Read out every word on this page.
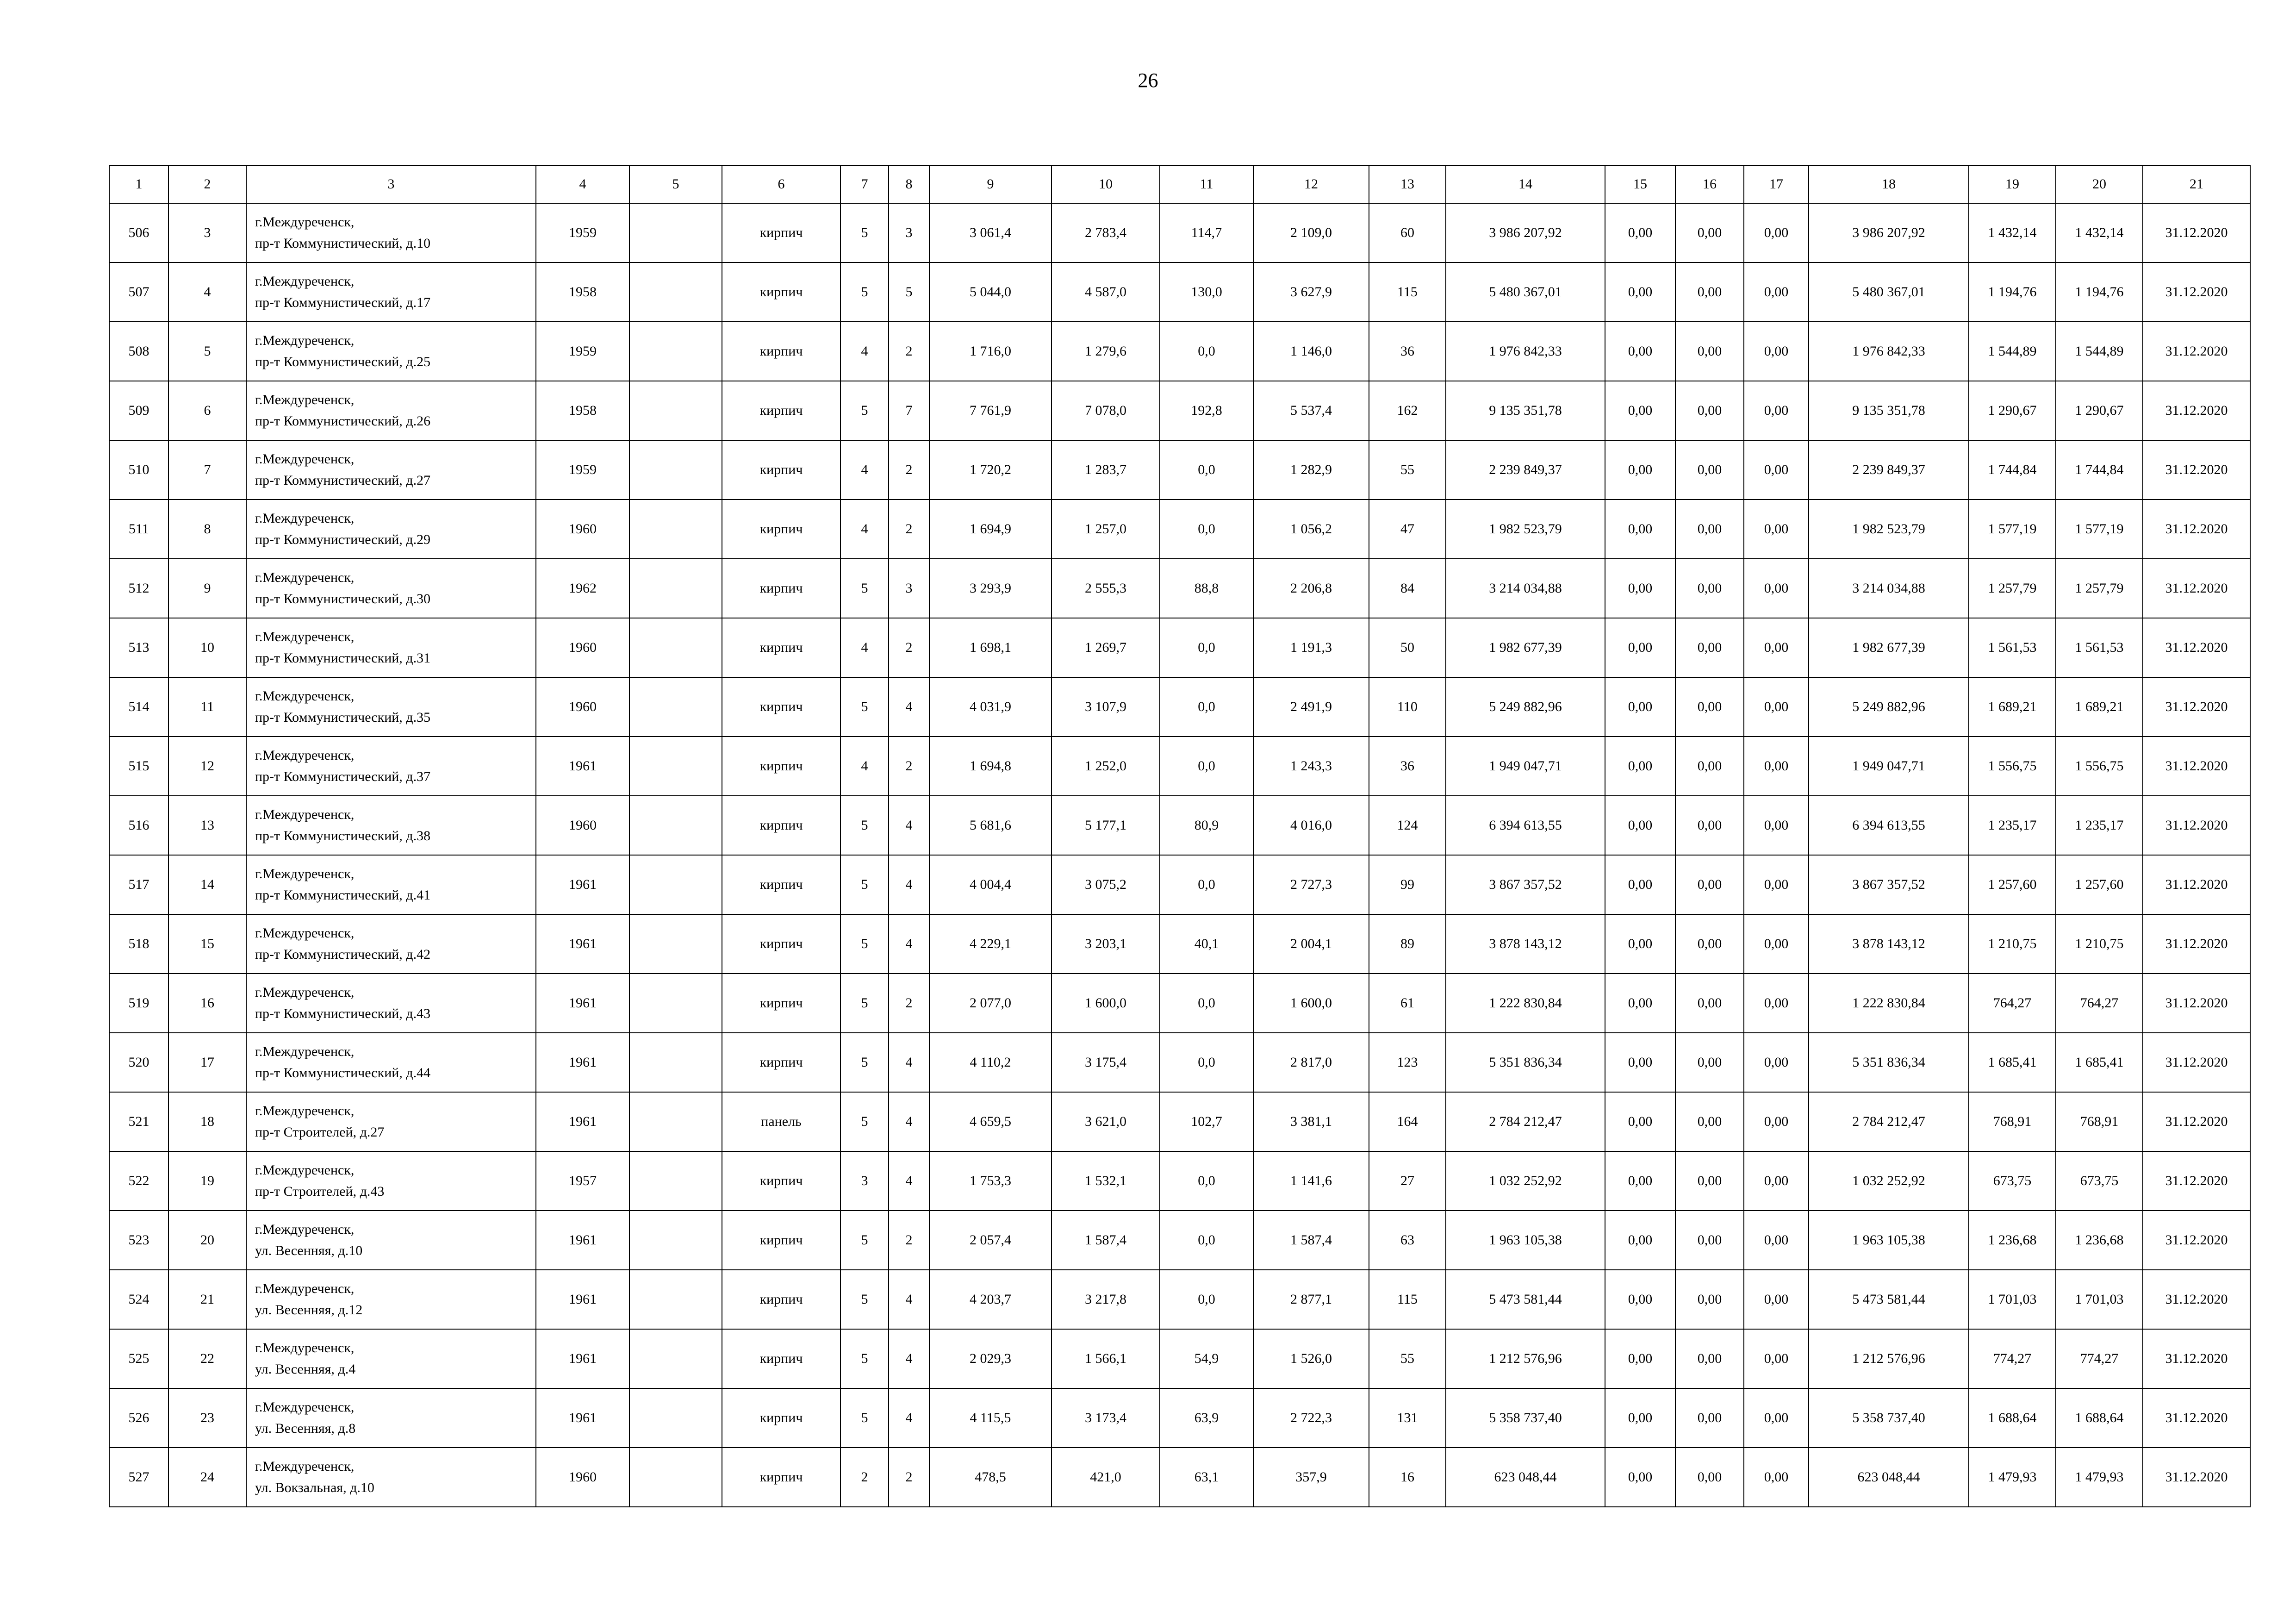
26
1	2	3	4	5	6	7	8	9	10	11	12	13	14	15	16	17	18	19	20	21
506	3	г.Междуреченск,
пр-т Коммунистический, д.10	1959		кирпич	5	3	3 061,4	2 783,4	114,7	2 109,0	60	3 986 207,92	0,00	0,00	0,00	3 986 207,92	1 432,14	1 432,14	31.12.2020
507	4	г.Междуреченск,
пр-т Коммунистический, д.17	1958		кирпич	5	5	5 044,0	4 587,0	130,0	3 627,9	115	5 480 367,01	0,00	0,00	0,00	5 480 367,01	1 194,76	1 194,76	31.12.2020
508	5	г.Междуреченск,
пр-т Коммунистический, д.25	1959		кирпич	4	2	1 716,0	1 279,6	0,0	1 146,0	36	1 976 842,33	0,00	0,00	0,00	1 976 842,33	1 544,89	1 544,89	31.12.2020
509	6	г.Междуреченск,
пр-т Коммунистический, д.26	1958		кирпич	5	7	7 761,9	7 078,0	192,8	5 537,4	162	9 135 351,78	0,00	0,00	0,00	9 135 351,78	1 290,67	1 290,67	31.12.2020
510	7	г.Междуреченск,
пр-т Коммунистический, д.27	1959		кирпич	4	2	1 720,2	1 283,7	0,0	1 282,9	55	2 239 849,37	0,00	0,00	0,00	2 239 849,37	1 744,84	1 744,84	31.12.2020
511	8	г.Междуреченск,
пр-т Коммунистический, д.29	1960		кирпич	4	2	1 694,9	1 257,0	0,0	1 056,2	47	1 982 523,79	0,00	0,00	0,00	1 982 523,79	1 577,19	1 577,19	31.12.2020
512	9	г.Междуреченск,
пр-т Коммунистический, д.30	1962		кирпич	5	3	3 293,9	2 555,3	88,8	2 206,8	84	3 214 034,88	0,00	0,00	0,00	3 214 034,88	1 257,79	1 257,79	31.12.2020
513	10	г.Междуреченск,
пр-т Коммунистический, д.31	1960		кирпич	4	2	1 698,1	1 269,7	0,0	1 191,3	50	1 982 677,39	0,00	0,00	0,00	1 982 677,39	1 561,53	1 561,53	31.12.2020
514	11	г.Междуреченск,
пр-т Коммунистический, д.35	1960		кирпич	5	4	4 031,9	3 107,9	0,0	2 491,9	110	5 249 882,96	0,00	0,00	0,00	5 249 882,96	1 689,21	1 689,21	31.12.2020
515	12	г.Междуреченск,
пр-т Коммунистический, д.37	1961		кирпич	4	2	1 694,8	1 252,0	0,0	1 243,3	36	1 949 047,71	0,00	0,00	0,00	1 949 047,71	1 556,75	1 556,75	31.12.2020
516	13	г.Междуреченск,
пр-т Коммунистический, д.38	1960		кирпич	5	4	5 681,6	5 177,1	80,9	4 016,0	124	6 394 613,55	0,00	0,00	0,00	6 394 613,55	1 235,17	1 235,17	31.12.2020
517	14	г.Междуреченск,
пр-т Коммунистический, д.41	1961		кирпич	5	4	4 004,4	3 075,2	0,0	2 727,3	99	3 867 357,52	0,00	0,00	0,00	3 867 357,52	1 257,60	1 257,60	31.12.2020
518	15	г.Междуреченск,
пр-т Коммунистический, д.42	1961		кирпич	5	4	4 229,1	3 203,1	40,1	2 004,1	89	3 878 143,12	0,00	0,00	0,00	3 878 143,12	1 210,75	1 210,75	31.12.2020
519	16	г.Междуреченск,
пр-т Коммунистический, д.43	1961		кирпич	5	2	2 077,0	1 600,0	0,0	1 600,0	61	1 222 830,84	0,00	0,00	0,00	1 222 830,84	764,27	764,27	31.12.2020
520	17	г.Междуреченск,
пр-т Коммунистический, д.44	1961		кирпич	5	4	4 110,2	3 175,4	0,0	2 817,0	123	5 351 836,34	0,00	0,00	0,00	5 351 836,34	1 685,41	1 685,41	31.12.2020
521	18	г.Междуреченск,
пр-т Строителей, д.27	1961		панель	5	4	4 659,5	3 621,0	102,7	3 381,1	164	2 784 212,47	0,00	0,00	0,00	2 784 212,47	768,91	768,91	31.12.2020
522	19	г.Междуреченск,
пр-т Строителей, д.43	1957		кирпич	3	4	1 753,3	1 532,1	0,0	1 141,6	27	1 032 252,92	0,00	0,00	0,00	1 032 252,92	673,75	673,75	31.12.2020
523	20	г.Междуреченск,
ул. Весенняя, д.10	1961		кирпич	5	2	2 057,4	1 587,4	0,0	1 587,4	63	1 963 105,38	0,00	0,00	0,00	1 963 105,38	1 236,68	1 236,68	31.12.2020
524	21	г.Междуреченск,
ул. Весенняя, д.12	1961		кирпич	5	4	4 203,7	3 217,8	0,0	2 877,1	115	5 473 581,44	0,00	0,00	0,00	5 473 581,44	1 701,03	1 701,03	31.12.2020
525	22	г.Междуреченск,
ул. Весенняя, д.4	1961		кирпич	5	4	2 029,3	1 566,1	54,9	1 526,0	55	1 212 576,96	0,00	0,00	0,00	1 212 576,96	774,27	774,27	31.12.2020
526	23	г.Междуреченск,
ул. Весенняя, д.8	1961		кирпич	5	4	4 115,5	3 173,4	63,9	2 722,3	131	5 358 737,40	0,00	0,00	0,00	5 358 737,40	1 688,64	1 688,64	31.12.2020
527	24	г.Междуреченск,
ул. Вокзальная, д.10	1960		кирпич	2	2	478,5	421,0	63,1	357,9	16	623 048,44	0,00	0,00	0,00	623 048,44	1 479,93	1 479,93	31.12.2020
